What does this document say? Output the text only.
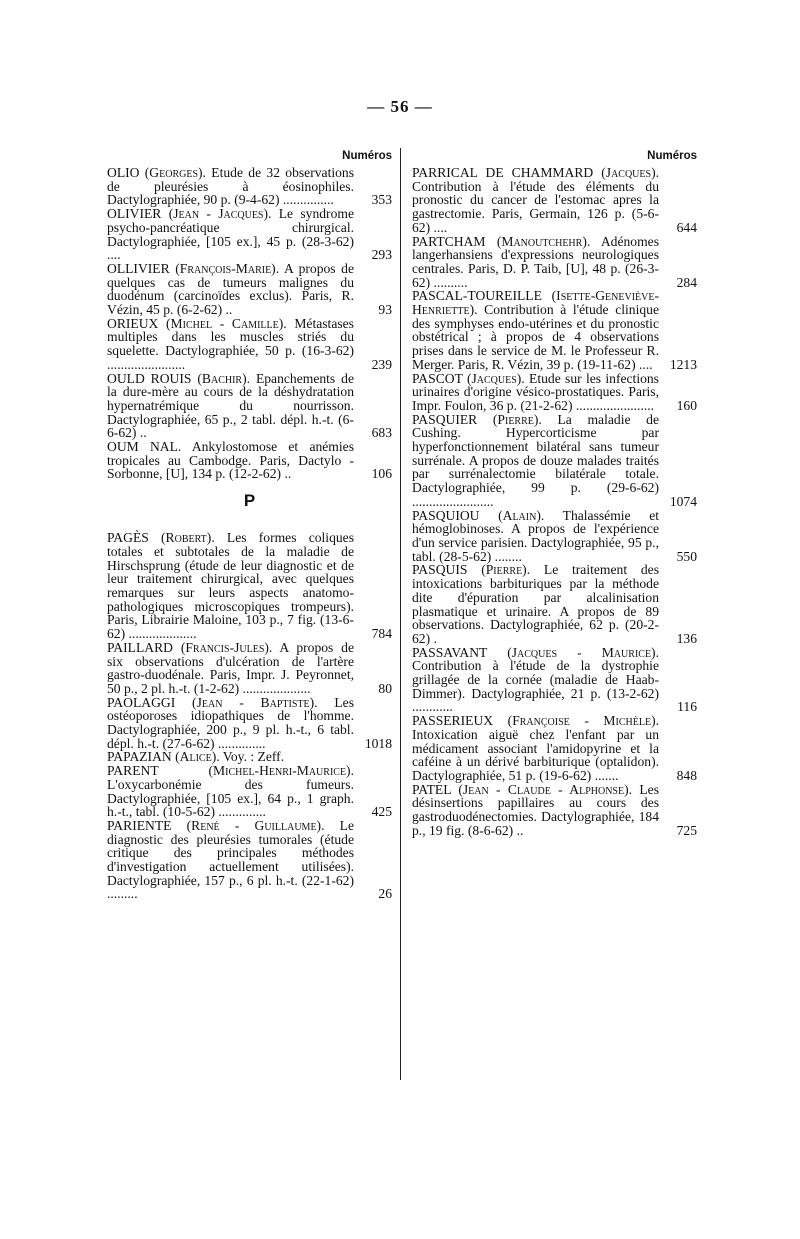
— 56 —
Numéros

OLIO (Georges). Etude de 32 observations de pleurésies à éosinophiles. Dactylographiée, 90 p. (9-4-62) ...............	353

OLIVIER (Jean - Jacques). Le syndrome psycho-pancréatique chirurgical. Dactylographiée, [105 ex.], 45 p. (28-3-62) ....	293

OLLIVIER (François-Marie). A propos de quelques cas de tumeurs malignes du duodénum (carcinoïdes exclus). Paris, R. Vézin, 45 p. (6-2-62) ..	93

ORIEUX (Michel - Camille). Métastases multiples dans les muscles striés du squelette. Dactylographiée, 50 p. (16-3-62) .......................	239

OULD ROUIS (Bachir). Epanchements de la dure-mère au cours de la déshydratation hypernatrémique du nourrisson. Dactylographiée, 65 p., 2 tabl. dépl. h.-t. (6-6-62) ..	683

OUM NAL. Ankylostomose et anémies tropicales au Cambodge. Paris, Dactylo - Sorbonne, [U], 134 p. (12-2-62) ..	106

P

PAGÈS (Robert). Les formes coliques totales et subtotales de la maladie de Hirschsprung (étude de leur diagnostic et de leur traitement chirurgical, avec quelques remarques sur leurs aspects anatomo-pathologiques microscopiques trompeurs). Paris, Librairie Maloine, 103 p., 7 fig. (13-6-62) ....................	784

PAILLARD (Francis-Jules). A propos de six observations d'ulcération de l'artère gastro-duodénale. Paris, Impr. J. Peyronnet, 50 p., 2 pl. h.-t. (1-2-62) ....................	80

PAOLAGGI (Jean - Baptiste). Les ostéoporoses idiopathiques de l'homme. Dactylographiée, 200 p., 9 pl. h.-t., 6 tabl. dépl. h.-t. (27-6-62) ..............	1018

PAPAZIAN (Alice). Voy. : Zeff.

PARENT	(Michel-Henri-Maurice). L'oxycarbonémie des fumeurs. Dactylographiée, [105 ex.], 64 p., 1 graph. h.-t., tabl. (10-5-62) ..............	425

PARIENTE (René - Guillaume). Le diagnostic des pleurésies tumorales (étude critique des principales méthodes d'investigation actuellement utilisées). Dactylographiée, 157 p., 6 pl. h.-t. (22-1-62) .........	26

Numéros

PARRICAL DE CHAMMARD (Jacques). Contribution à l'étude des éléments du pronostic du cancer de l'estomac apres la gastrectomie. Paris, Germain, 126 p. (5-6-62) ....	644

PARTCHAM (Manoutchehr). Adénomes langerhansiens d'expressions neurologiques centrales. Paris, D. P. Taib, [U], 48 p. (26-3-62) ..........	284

PASCAL-TOUREILLE (Isette-Geneviève-Henriette). Contribution à l'étude clinique des symphyses endo-utérines et du pronostic obstétrical ; à propos de 4 observations prises dans le service de M. le Professeur R. Merger. Paris, R. Vézin, 39 p. (19-11-62) ....	1213

PASCOT (Jacques). Etude sur les infections urinaires d'origine vésico-prostatiques. Paris, Impr. Foulon, 36 p. (21-2-62) .......................	160

PASQUIER (Pierre). La maladie de Cushing. Hypercorticisme par hyperfonctionnement bilatéral sans tumeur surrénale. A propos de douze malades traités par surrénalectomie bilatérale totale. Dactylographiée, 99 p. (29-6-62) ........................	1074

PASQUIOU (Alain). Thalassémie et hémoglobinoses. A propos de l'expérience d'un service parisien. Dactylographiée, 95 p., tabl. (28-5-62) ........	550

PASQUIS (Pierre). Le traitement des intoxications barbituriques par la méthode dite d'épuration par alcalinisation plasmatique et urinaire. A propos de 89 observations. Dactylographiée, 62 p. (20-2-62) .	136

PASSAVANT (Jacques - Maurice). Contribution à l'étude de la dystrophie grillagée de la cornée (maladie de Haab-Dimmer). Dactylographiée, 21 p. (13-2-62) ............	116

PASSERIEUX (Françoise - Michèle). Intoxication aiguë chez l'enfant par un médicament associant l'amidopyrine et la caféine à un dérivé barbiturique (optalidon). Dactylographiée, 51 p. (19-6-62) .......	848

PATEL (Jean - Claude - Alphonse). Les désinsertions papillaires au cours des gastroduodénectomies. Dactylographiée, 184 p., 19 fig. (8-6-62) ..	725
